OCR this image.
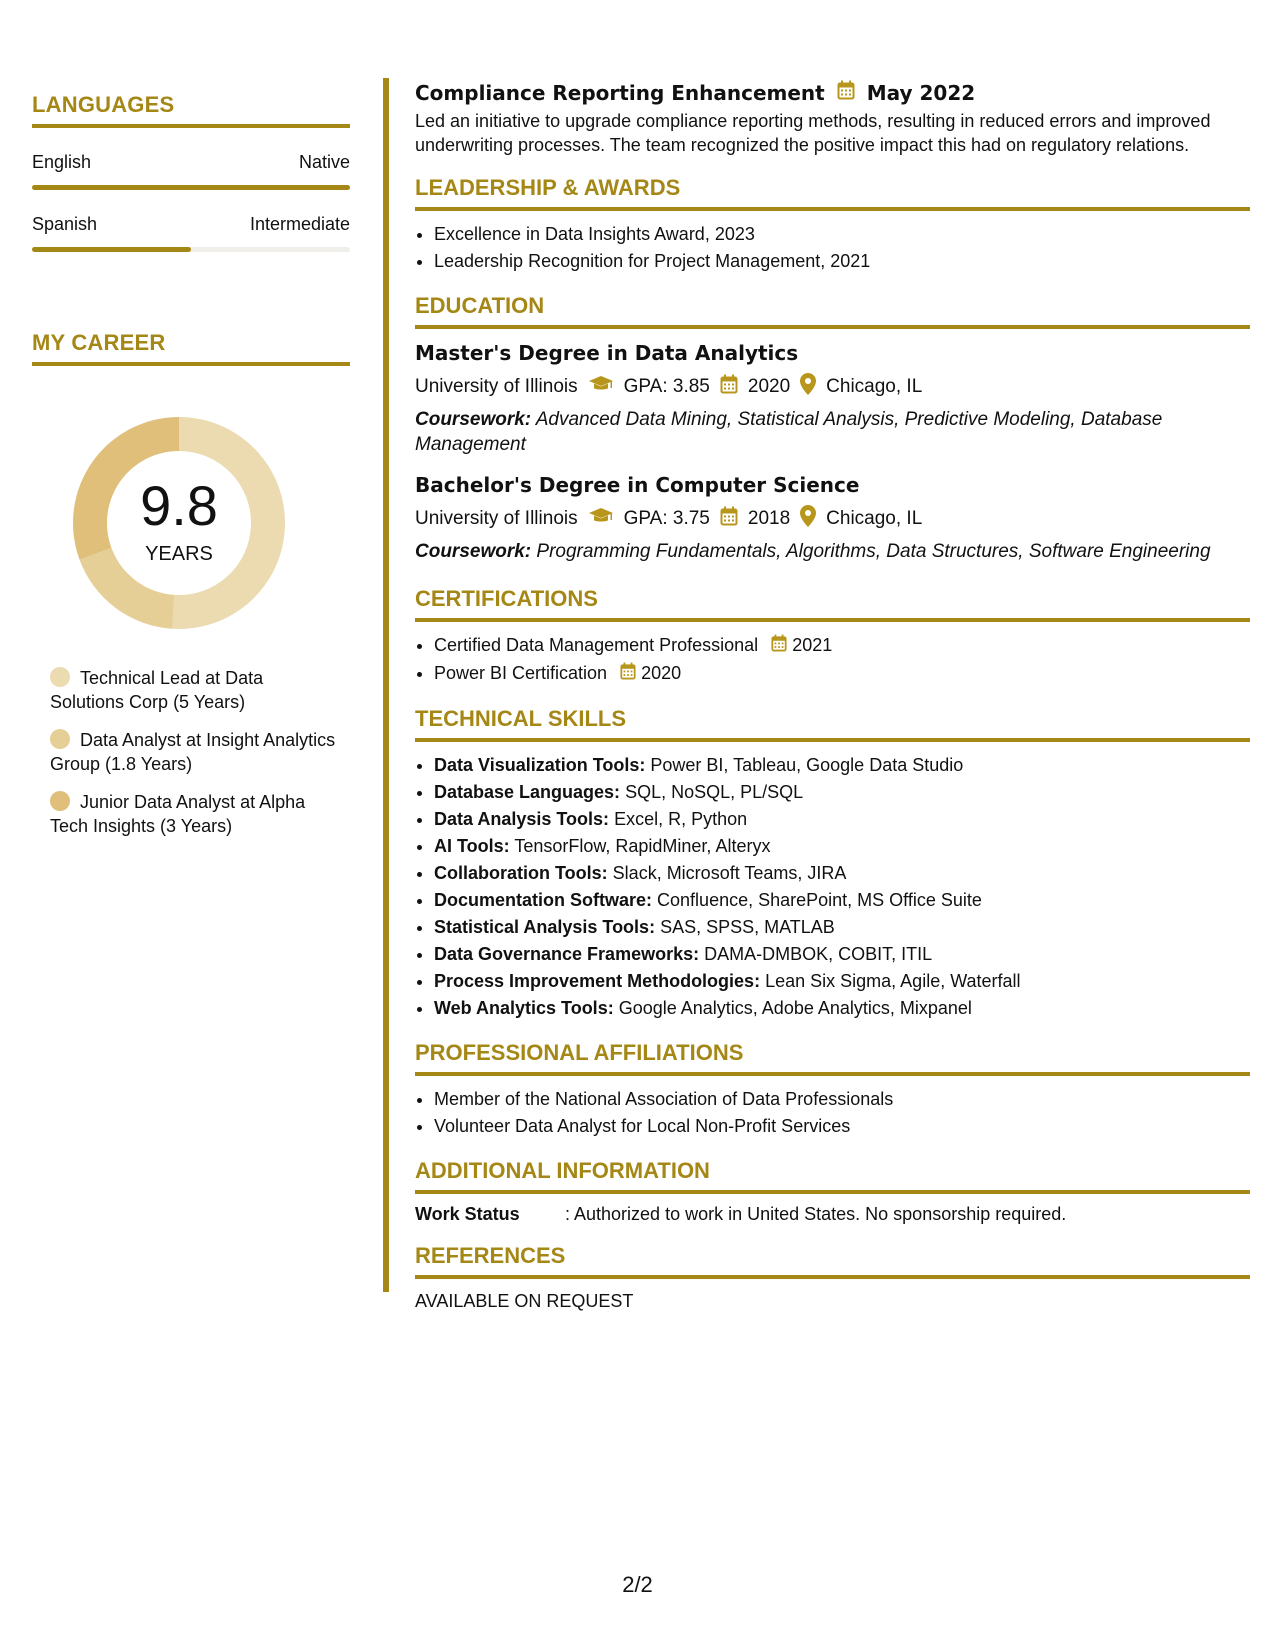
LANGUAGES
English	Native
Spanish	Intermediate
MY CAREER
9.8
YEARS
Technical Lead at Data Solutions Corp (5 Years)
Data Analyst at Insight Analytics Group (1.8 Years)
Junior Data Analyst at Alpha Tech Insights (3 Years)
Compliance Reporting Enhancement May 2022
Led an initiative to upgrade compliance reporting methods, resulting in reduced errors and improved underwriting processes. The team recognized the positive impact this had on regulatory relations.
LEADERSHIP & AWARDS
• Excellence in Data Insights Award, 2023
• Leadership Recognition for Project Management, 2021
EDUCATION
Master's Degree in Data Analytics
University of Illinois GPA: 3.85 2020 Chicago, IL
Coursework: Advanced Data Mining, Statistical Analysis, Predictive Modeling, Database Management
Bachelor's Degree in Computer Science
University of Illinois GPA: 3.75 2018 Chicago, IL
Coursework: Programming Fundamentals, Algorithms, Data Structures, Software Engineering
CERTIFICATIONS
• Certified Data Management Professional 2021
• Power BI Certification 2020
TECHNICAL SKILLS
• Data Visualization Tools: Power BI, Tableau, Google Data Studio
• Database Languages: SQL, NoSQL, PL/SQL
• Data Analysis Tools: Excel, R, Python
• AI Tools: TensorFlow, RapidMiner, Alteryx
• Collaboration Tools: Slack, Microsoft Teams, JIRA
• Documentation Software: Confluence, SharePoint, MS Office Suite
• Statistical Analysis Tools: SAS, SPSS, MATLAB
• Data Governance Frameworks: DAMA-DMBOK, COBIT, ITIL
• Process Improvement Methodologies: Lean Six Sigma, Agile, Waterfall
• Web Analytics Tools: Google Analytics, Adobe Analytics, Mixpanel
PROFESSIONAL AFFILIATIONS
• Member of the National Association of Data Professionals
• Volunteer Data Analyst for Local Non-Profit Services
ADDITIONAL INFORMATION
Work Status	: Authorized to work in United States. No sponsorship required.
REFERENCES
AVAILABLE ON REQUEST
2/2
